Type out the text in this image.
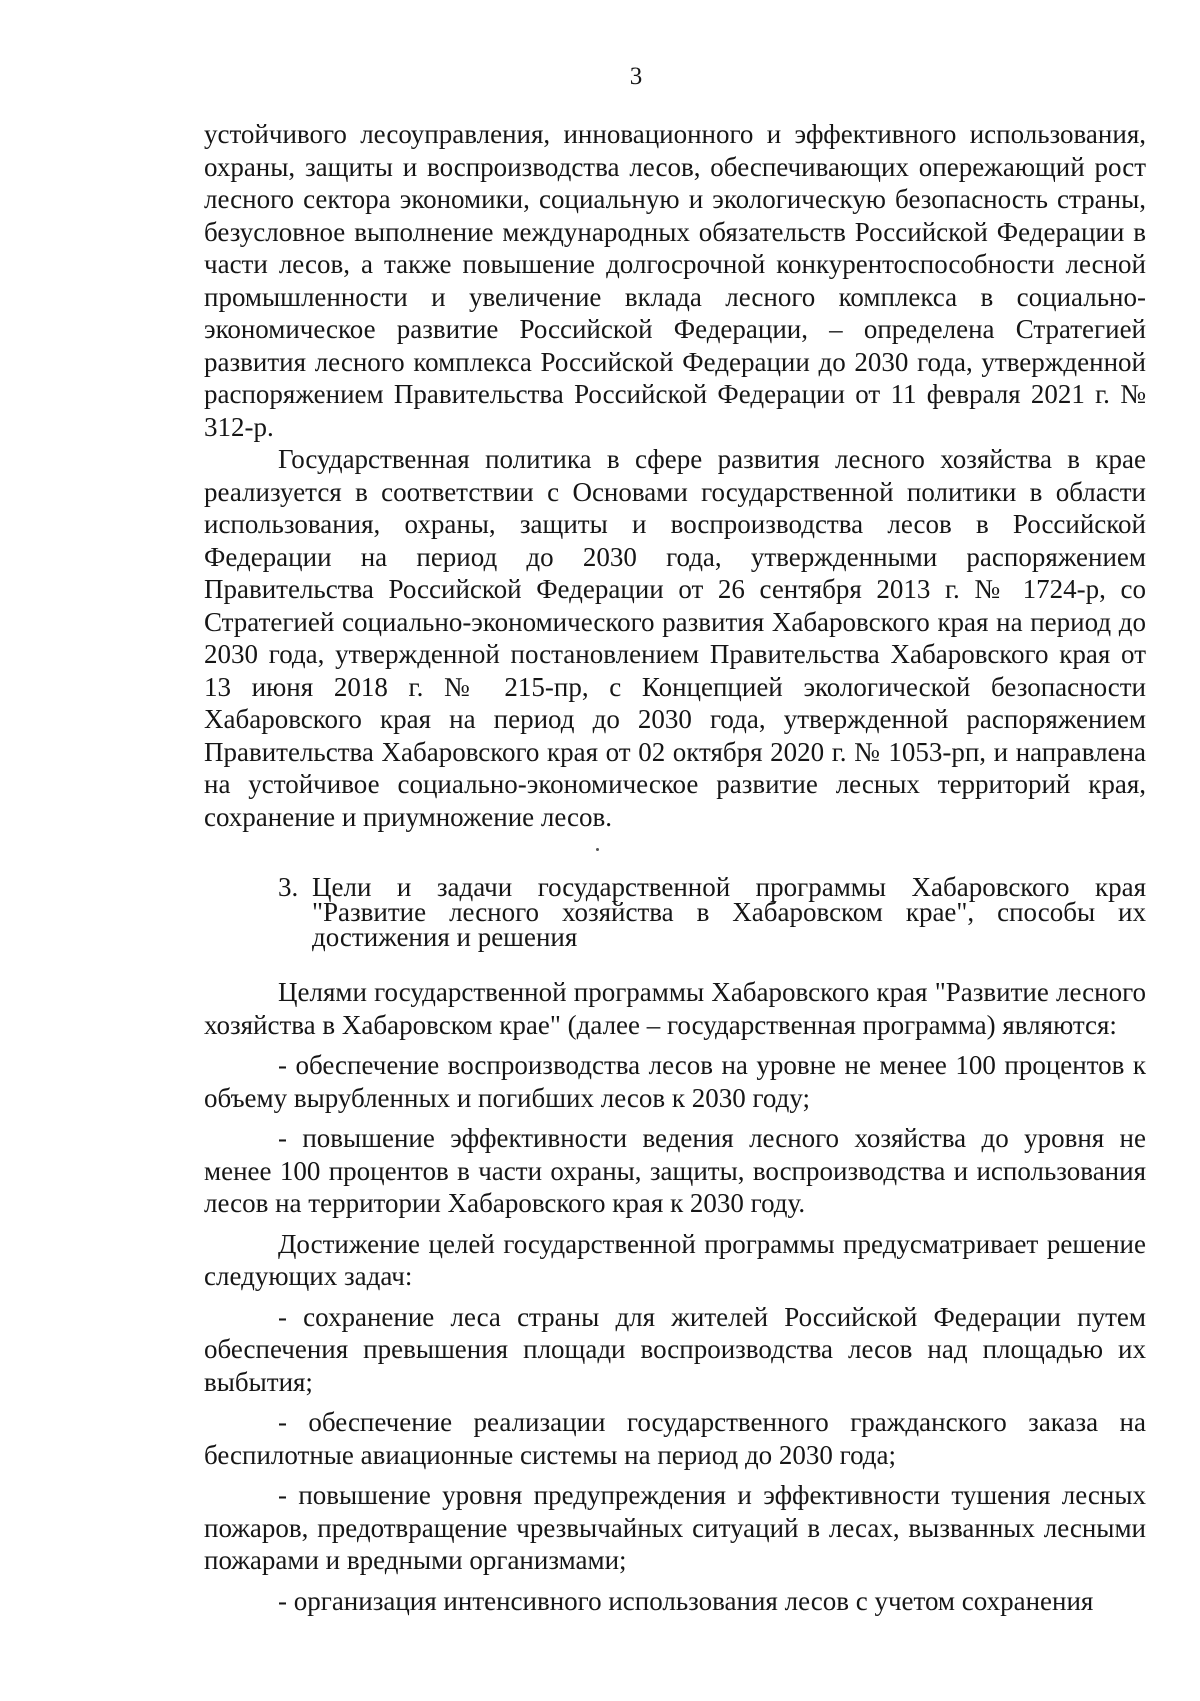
3

устойчивого лесоуправления, инновационного и эффективного использования, охраны, защиты и воспроизводства лесов, обеспечивающих опережающий рост лесного сектора экономики, социальную и экологическую безопасность страны, безусловное выполнение международных обязательств Российской Федерации в части лесов, а также повышение долгосрочной конкурентоспособности лесной промышленности и увеличение вклада лесного комплекса в социально-экономическое развитие Российской Федерации, – определена Стратегией развития лесного комплекса Российской Федерации до 2030 года, утвержденной распоряжением Правительства Российской Федерации от 11 февраля 2021 г. № 312-р.

Государственная политика в сфере развития лесного хозяйства в крае реализуется в соответствии с Основами государственной политики в области использования, охраны, защиты и воспроизводства лесов в Российской Федерации на период до 2030 года, утвержденными распоряжением Правительства Российской Федерации от 26 сентября 2013 г. № 1724-р, со Стратегией социально-экономического развития Хабаровского края на период до 2030 года, утвержденной постановлением Правительства Хабаровского края от 13 июня 2018 г. № 215-пр, с Концепцией экологической безопасности Хабаровского края на период до 2030 года, утвержденной распоряжением Правительства Хабаровского края от 02 октября 2020 г. № 1053-рп, и направлена на устойчивое социально-экономическое развитие лесных территорий края, сохранение и приумножение лесов.

3. Цели и задачи государственной программы Хабаровского края "Развитие лесного хозяйства в Хабаровском крае", способы их достижения и решения

Целями государственной программы Хабаровского края "Развитие лесного хозяйства в Хабаровском крае" (далее – государственная программа) являются:

- обеспечение воспроизводства лесов на уровне не менее 100 процентов к объему вырубленных и погибших лесов к 2030 году;

- повышение эффективности ведения лесного хозяйства до уровня не менее 100 процентов в части охраны, защиты, воспроизводства и использования лесов на территории Хабаровского края к 2030 году.

Достижение целей государственной программы предусматривает решение следующих задач:

- сохранение леса страны для жителей Российской Федерации путем обеспечения превышения площади воспроизводства лесов над площадью их выбытия;

- обеспечение реализации государственного гражданского заказа на беспилотные авиационные системы на период до 2030 года;

- повышение уровня предупреждения и эффективности тушения лесных пожаров, предотвращение чрезвычайных ситуаций в лесах, вызванных лесными пожарами и вредными организмами;

- организация интенсивного использования лесов с учетом сохранения
